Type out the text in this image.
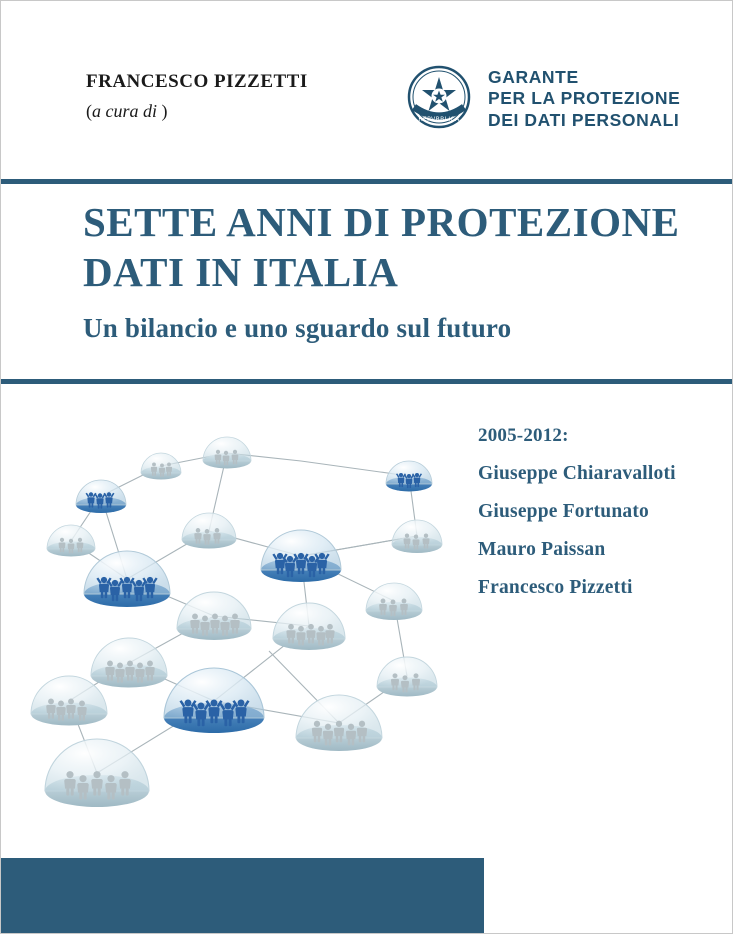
FRANCESCO PIZZETTI
(a cura di )	REPVBBLICA
GARANTE
PER LA PROTEZIONE
DEI DATI PERSONALI
SETTE ANNI DI PROTEZIONE
DATI IN ITALIA
Un bilancio e uno sguardo sul futuro
2005-2012:
Giuseppe Chiaravalloti
Giuseppe Fortunato
Mauro Paissan
Francesco Pizzetti
G. GIAPPICHELLI EDITORE – TORINO
